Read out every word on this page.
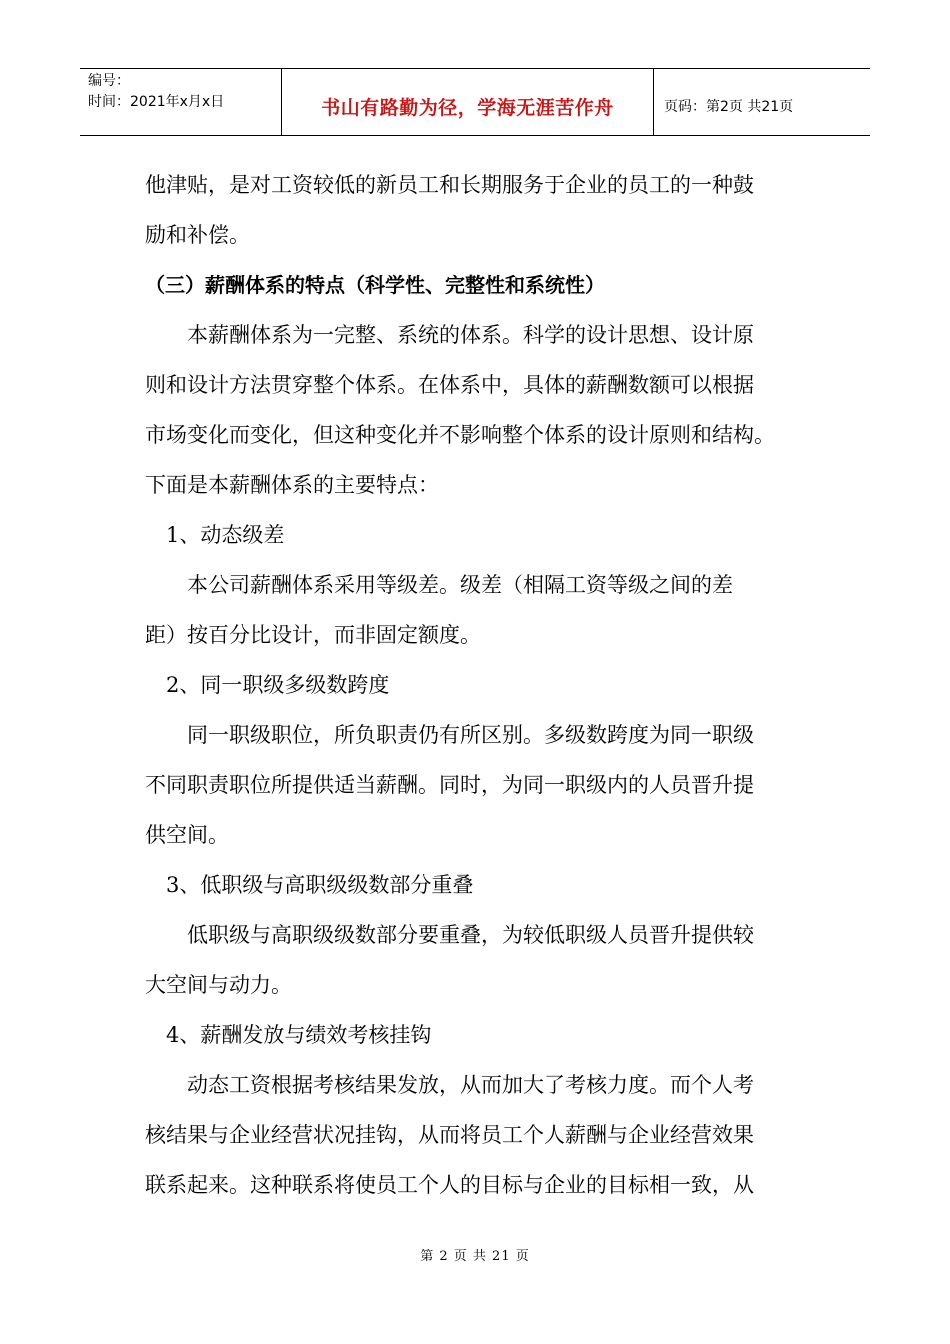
编号：
时间：2021年x月x日	书山有路勤为径，学海无涯苦作舟	页码：第2页 共21页
他津贴，是对工资较低的新员工和长期服务于企业的员工的一种鼓
励和补偿。
（三）薪酬体系的特点（科学性、完整性和系统性）
本薪酬体系为一完整、系统的体系。科学的设计思想、设计原
则和设计方法贯穿整个体系。在体系中，具体的薪酬数额可以根据
市场变化而变化，但这种变化并不影响整个体系的设计原则和结构。
下面是本薪酬体系的主要特点：
1、动态级差
本公司薪酬体系采用等级差。级差（相隔工资等级之间的差
距）按百分比设计，而非固定额度。
2、同一职级多级数跨度
同一职级职位，所负职责仍有所区别。多级数跨度为同一职级
不同职责职位所提供适当薪酬。同时，为同一职级内的人员晋升提
供空间。
3、低职级与高职级级数部分重叠
低职级与高职级级数部分要重叠，为较低职级人员晋升提供较
大空间与动力。
4、薪酬发放与绩效考核挂钩
动态工资根据考核结果发放，从而加大了考核力度。而个人考
核结果与企业经营状况挂钩，从而将员工个人薪酬与企业经营效果
联系起来。这种联系将使员工个人的目标与企业的目标相一致，从
第 2 页 共 21 页
